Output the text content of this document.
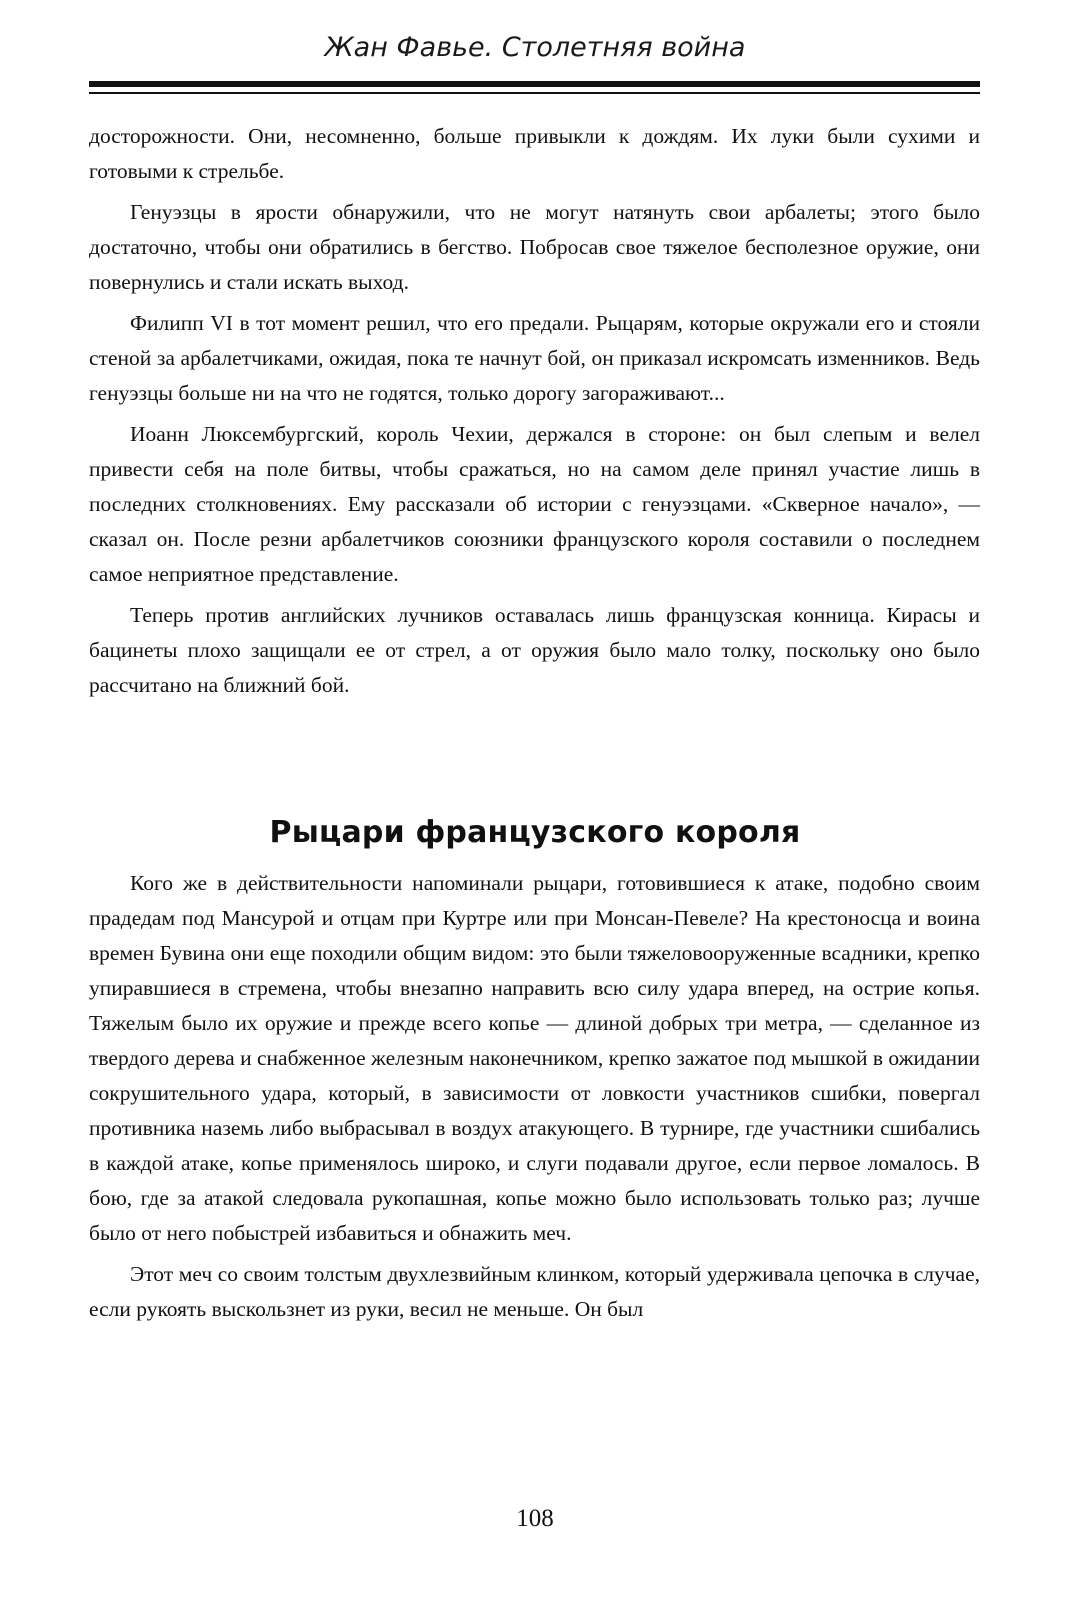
Жан Фавье. Столетняя война

досторожности. Они, несомненно, больше привыкли к дождям. Их луки были сухими и готовыми к стрельбе.

Генуэзцы в ярости обнаружили, что не могут натянуть свои арбалеты; этого было достаточно, чтобы они обратились в бегство. Побросав свое тяжелое бесполезное оружие, они повернулись и стали искать выход.

Филипп VI в тот момент решил, что его предали. Рыцарям, которые окружали его и стояли стеной за арбалетчиками, ожидая, пока те начнут бой, он приказал искромсать изменников. Ведь генуэзцы больше ни на что не годятся, только дорогу загораживают...

Иоанн Люксембургский, король Чехии, держался в стороне: он был слепым и велел привести себя на поле битвы, чтобы сражаться, но на самом деле принял участие лишь в последних столкновениях. Ему рассказали об истории с генуэзцами. «Скверное начало», — сказал он. После резни арбалетчиков союзники французского короля составили о последнем самое неприятное представление.

Теперь против английских лучников оставалась лишь французская конница. Кирасы и бацинеты плохо защищали ее от стрел, а от оружия было мало толку, поскольку оно было рассчитано на ближний бой.

Рыцари французского короля

Кого же в действительности напоминали рыцари, готовившиеся к атаке, подобно своим прадедам под Мансурой и отцам при Куртре или при Монсан-Певеле? На крестоносца и воина времен Бувина они еще походили общим видом: это были тяжеловооруженные всадники, крепко упиравшиеся в стремена, чтобы внезапно направить всю силу удара вперед, на острие копья. Тяжелым было их оружие и прежде всего копье — длиной добрых три метра, — сделанное из твердого дерева и снабженное железным наконечником, крепко зажатое под мышкой в ожидании сокрушительного удара, который, в зависимости от ловкости участников сшибки, повергал противника наземь либо выбрасывал в воздух атакующего. В турнире, где участники сшибались в каждой атаке, копье применялось широко, и слуги подавали другое, если первое ломалось. В бою, где за атакой следовала рукопашная, копье можно было использовать только раз; лучше было от него побыстрей избавиться и обнажить меч.

Этот меч со своим толстым двухлезвийным клинком, который удерживала цепочка в случае, если рукоять выскользнет из руки, весил не меньше. Он был

108
